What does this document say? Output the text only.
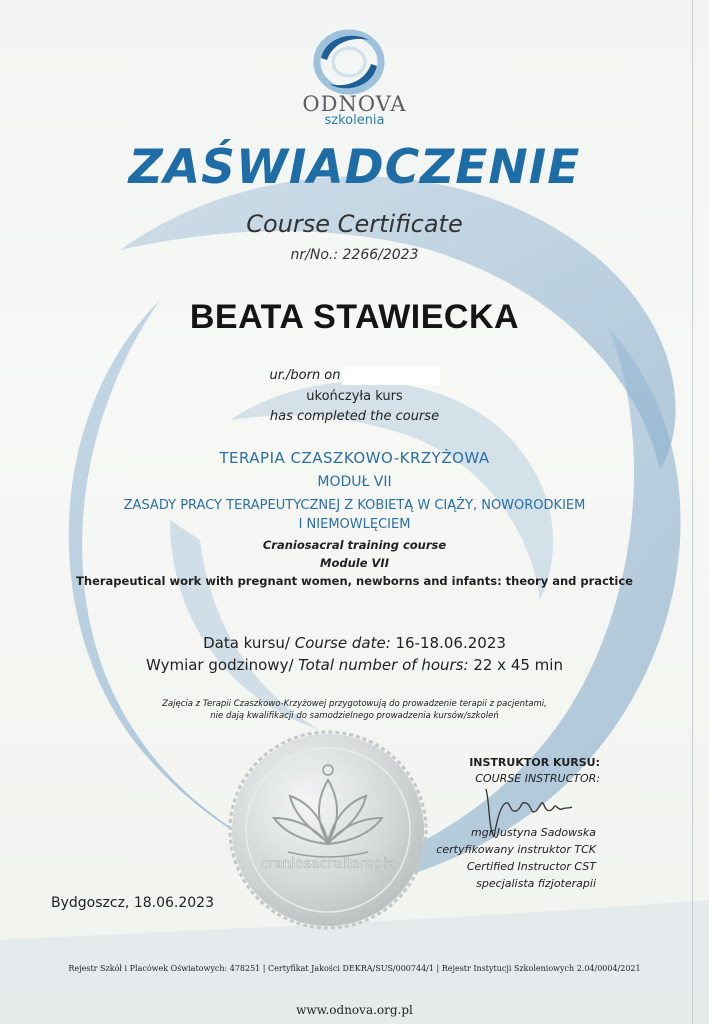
ODNOVA
szkolenia
ZAŚWIADCZENIE
Course Certificate
nr/No.: 2266/2023
BEATA STAWIECKA
ur./born on
ukończyła kurs
has completed the course
TERAPIA CZASZKOWO-KRZYŻOWA
MODUŁ VII
ZASADY PRACY TERAPEUTYCZNEJ Z KOBIETĄ W CIĄŻY, NOWORODKIEM
I NIEMOWLĘCIEM
Craniosacral training course
Module VII
Therapeutical work with pregnant women, newborns and infants: theory and practice
Data kursu/ Course date: 16-18.06.2023
Wymiar godzinowy/ Total number of hours: 22 x 45 min
Zajęcia z Terapii Czaszkowo-Krzyżowej przygotowują do prowadzenie terapii z pacjentami,
nie dają kwalifikacji do samodzielnego prowadzenia kursów/szkoleń
craniosacralterapia
INSTRUKTOR KURSU:
COURSE INSTRUCTOR:
mgr Justyna Sadowska
certyfikowany instruktor TCK
Certified Instructor CST
specjalista fizjoterapii
Bydgoszcz, 18.06.2023
Rejestr Szkół i Placówek Oświatowych: 478251 | Certyfikat Jakości DEKRA/SUS/000744/1 | Rejestr Instytucji Szkoleniowych 2.04/0004/2021
www.odnova.org.pl
